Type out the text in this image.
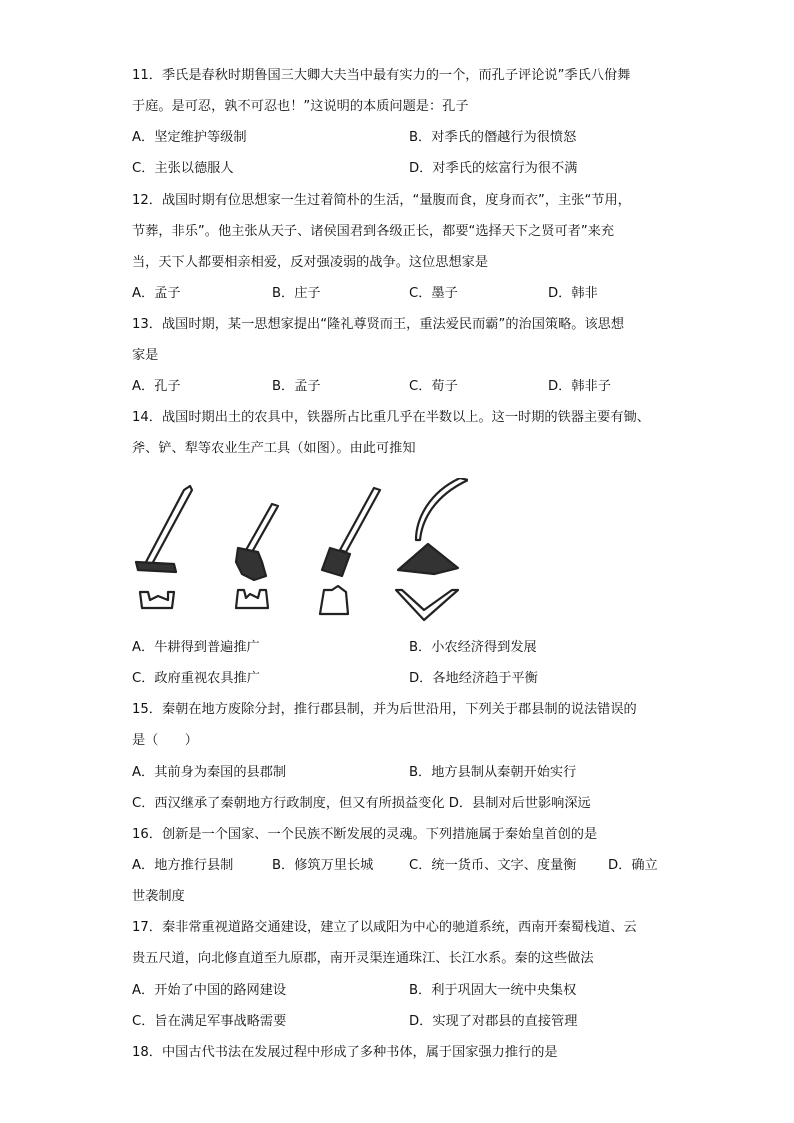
11．季氏是春秋时期鲁国三大卿大夫当中最有实力的一个，而孔子评论说”季氏八佾舞
于庭。是可忍，孰不可忍也！”这说明的本质问题是：孔子
A．坚定维护等级制	B．对季氏的僭越行为很愤怒
C．主张以德服人	D．对季氏的炫富行为很不满
12．战国时期有位思想家一生过着简朴的生活，“量腹而食，度身而衣”，主张“节用，
节葬，非乐”。他主张从天子、诸侯国君到各级正长，都要“选择天下之贤可者”来充
当，天下人都要相亲相爱，反对强凌弱的战争。这位思想家是
A．孟子	B．庄子	C．墨子	D．韩非
13．战国时期，某一思想家提出“隆礼尊贤而王，重法爱民而霸”的治国策略。该思想
家是
A．孔子	B．孟子	C．荀子	D．韩非子
14．战国时期出土的农具中，铁器所占比重几乎在半数以上。这一时期的铁器主要有锄、
斧、铲、犁等农业生产工具（如图）。由此可推知
A．牛耕得到普遍推广	B．小农经济得到发展
C．政府重视农具推广	D．各地经济趋于平衡
15．秦朝在地方废除分封，推行郡县制，并为后世沿用，下列关于郡县制的说法错误的
是（　　）
A．其前身为秦国的县郡制	B．地方县制从秦朝开始实行
C．西汉继承了秦朝地方行政制度，但又有所损益变化 D．县制对后世影响深远
16．创新是一个国家、一个民族不断发展的灵魂。下列措施属于秦始皇首创的是
A．地方推行县制	B．修筑万里长城	C．统一货币、文字、度量衡 D．确立
世袭制度
17．秦非常重视道路交通建设，建立了以咸阳为中心的驰道系统，西南开秦蜀栈道、云
贵五尺道，向北修直道至九原郡，南开灵渠连通珠江、长江水系。秦的这些做法
A．开始了中国的路网建设	B．利于巩固大一统中央集权
C．旨在满足军事战略需要	D．实现了对郡县的直接管理
18．中国古代书法在发展过程中形成了多种书体，属于国家强力推行的是
